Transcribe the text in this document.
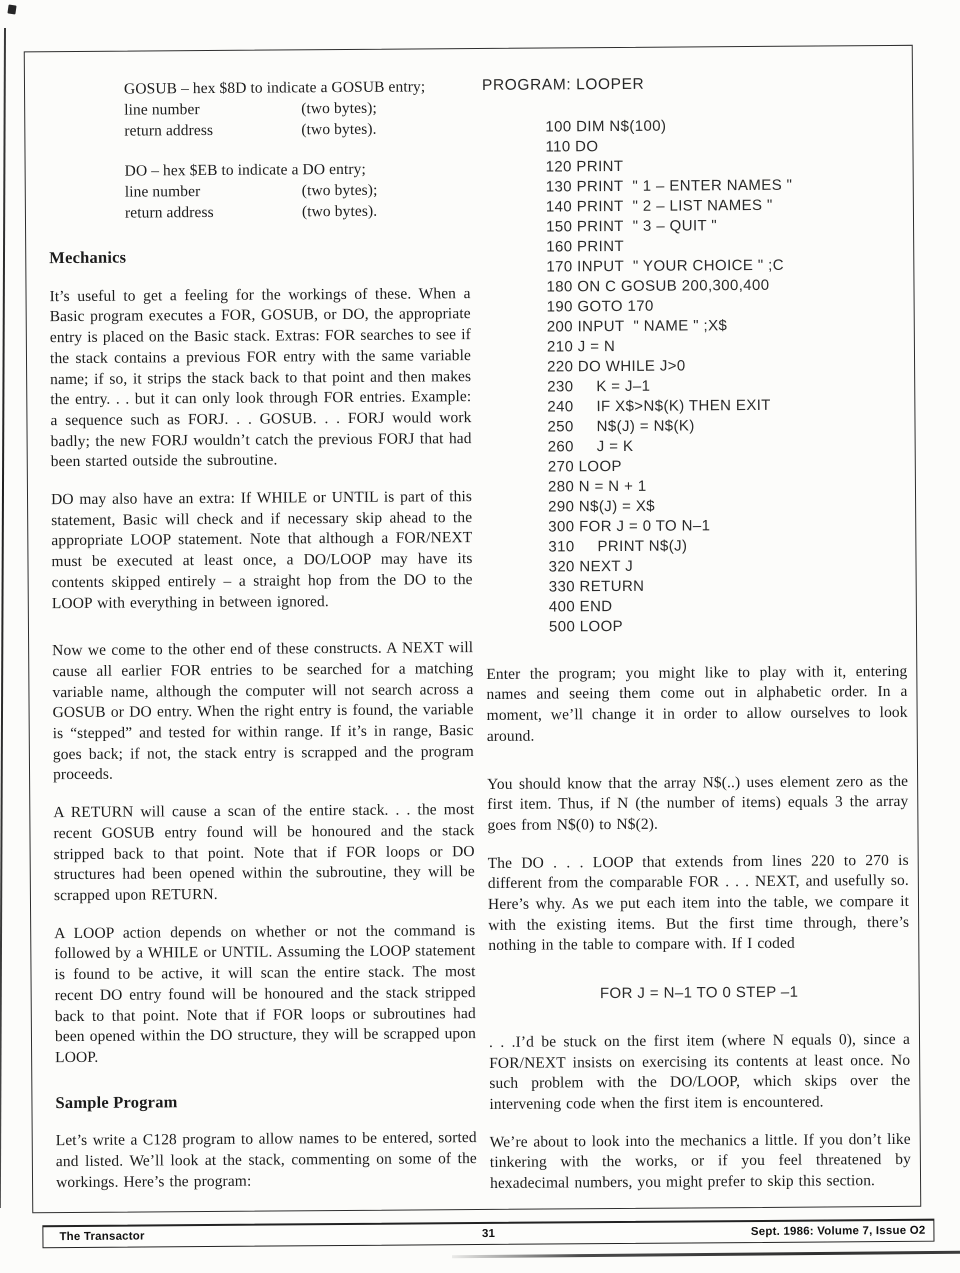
GOSUB – hex $8D to indicate a GOSUB entry;
line number	(two bytes);
return address	(two bytes).
DO – hex $EB to indicate a DO entry;
line number	(two bytes);
return address	(two bytes).
Mechanics

It’s useful to get a feeling for the workings of these. When a Basic program executes a FOR, GOSUB, or DO, the appropriate entry is placed on the Basic stack. Extras: FOR searches to see if the stack contains a previous FOR entry with the same variable name; if so, it strips the stack back to that point and then makes the entry. . . but it can only look through FOR entries. Example: a sequence such as FORJ. . . GOSUB. . . FORJ would work badly; the new FORJ wouldn’t catch the previous FORJ that had been started outside the subroutine.

DO may also have an extra: If WHILE or UNTIL is part of this statement, Basic will check and if necessary skip ahead to the appropriate LOOP statement. Note that although a FOR/NEXT must be executed at least once, a DO/LOOP may have its contents skipped entirely – a straight hop from the DO to the LOOP with everything in between ignored.

Now we come to the other end of these constructs. A NEXT will cause all earlier FOR entries to be searched for a matching variable name, although the computer will not search across a GOSUB or DO entry. When the right entry is found, the variable is “stepped” and tested for within range. If it’s in range, Basic goes back; if not, the stack entry is scrapped and the program proceeds.

A RETURN will cause a scan of the entire stack. . . the most recent GOSUB entry found will be honoured and the stack stripped back to that point. Note that if FOR loops or DO structures had been opened within the subroutine, they will be scrapped upon RETURN.

A LOOP action depends on whether or not the command is followed by a WHILE or UNTIL. Assuming the LOOP statement is found to be active, it will scan the entire stack. The most recent DO entry found will be honoured and the stack stripped back to that point. Note that if FOR loops or subroutines had been opened within the DO structure, they will be scrapped upon LOOP.

Sample Program

Let’s write a C128 program to allow names to be entered, sorted and listed. We’ll look at the stack, commenting on some of the workings. Here’s the program:

PROGRAM: LOOPER
100 DIM N$(100)
110 DO
120 PRINT
130 PRINT  " 1 – ENTER NAMES "
140 PRINT  " 2 – LIST NAMES "
150 PRINT  " 3 – QUIT "
160 PRINT
170 INPUT  " YOUR CHOICE " ;C
180 ON C GOSUB 200,300,400
190 GOTO 170
200 INPUT  " NAME " ;X$
210 J = N
220 DO WHILE J>0
230     K = J–1
240     IF X$>N$(K) THEN EXIT
250     N$(J) = N$(K)
260     J = K
270 LOOP
280 N = N + 1
290 N$(J) = X$
300 FOR J = 0 TO N–1
310     PRINT N$(J)
320 NEXT J
330 RETURN
400 END
500 LOOP

Enter the program; you might like to play with it, entering names and seeing them come out in alphabetic order. In a moment, we’ll change it in order to allow ourselves to look around.

You should know that the array N$(..) uses element zero as the first item. Thus, if N (the number of items) equals 3 the array goes from N$(0) to N$(2).

The DO . . . LOOP that extends from lines 220 to 270 is different from the comparable FOR . . . NEXT, and usefully so. Here’s why. As we put each item into the table, we compare it with the existing items. But the first time through, there’s nothing in the table to compare with. If I coded

FOR J = N–1 TO 0 STEP –1

. . .I’d be stuck on the first item (where N equals 0), since a FOR/NEXT insists on exercising its contents at least once. No such problem with the DO/LOOP, which skips over the intervening code when the first item is encountered.

We’re about to look into the mechanics a little. If you don’t like tinkering with the works, or if you feel threatened by hexadecimal numbers, you might prefer to skip this section.

The Transactor	31	Sept. 1986: Volume 7, Issue O2
